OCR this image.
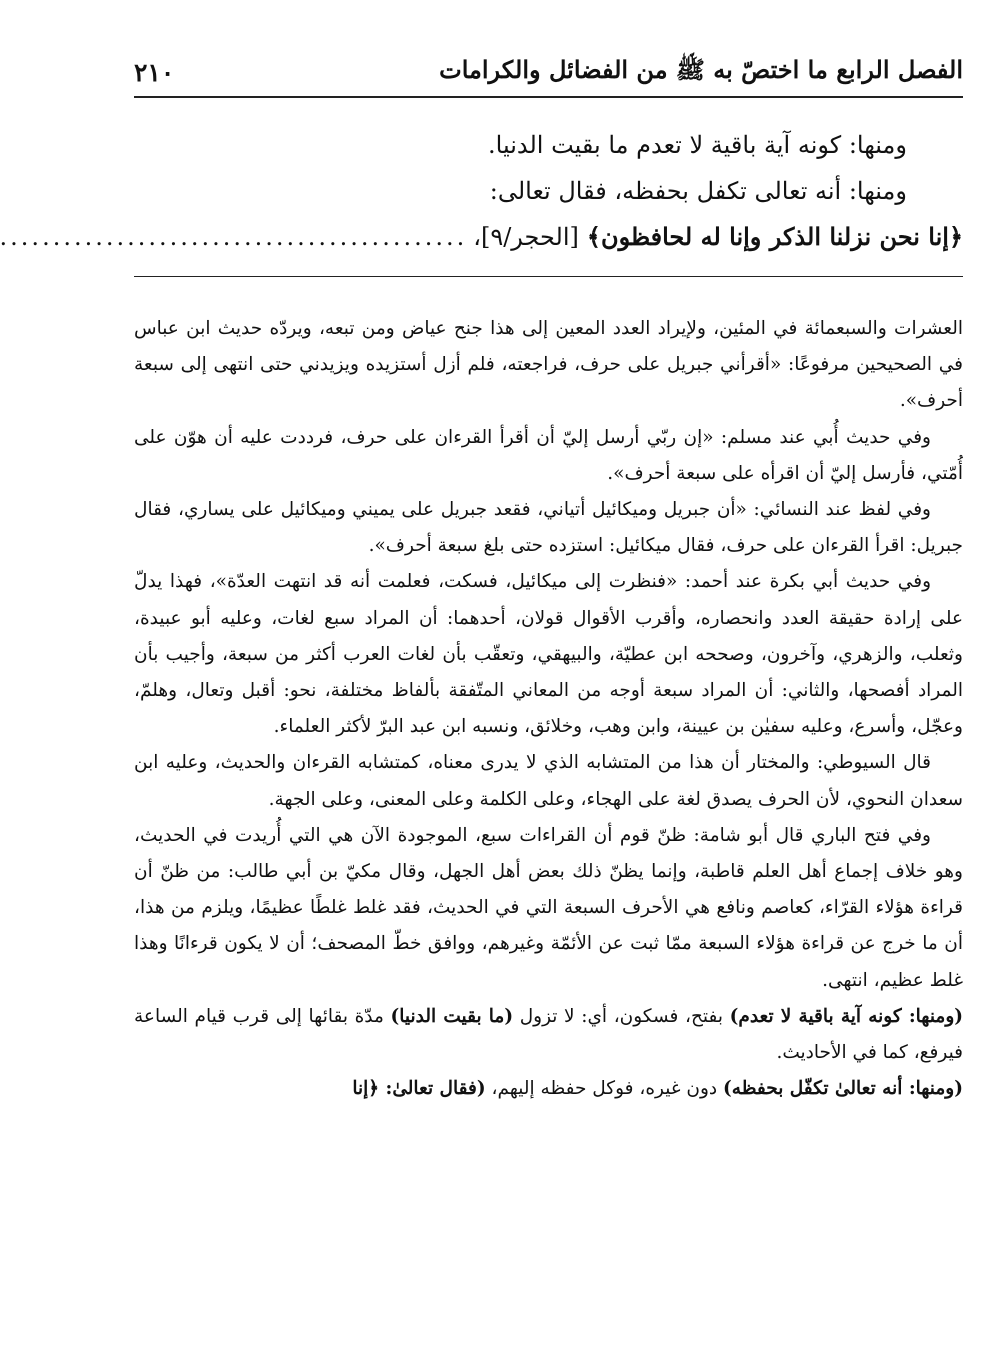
الفصل الرابع ما اختصّ به ﷺ من الفضائل والكرامات
٢١٠

ومنها: كونه آية باقية لا تعدم ما بقيت الدنيا.

ومنها: أنه تعالى تكفل بحفظه، فقال تعالى:

﴿إنا نحن نزلنا الذكر وإنا له لحافظون﴾
[الحجر/٩]،
............................................

العشرات والسبعمائة في المئين، ولإيراد العدد المعين إلى هذا جنح عياض ومن تبعه، ويردّه حديث ابن عباس في الصحيحين مرفوعًا: «أقرأني جبريل على حرف، فراجعته، فلم أزل أستزيده ويزيدني حتى انتهى إلى سبعة أحرف».

وفي حديث أُبي عند مسلم: «إن ربّي أرسل إليّ أن أقرأ القرءان على حرف، فرددت عليه أن هوّن على أُمّتي، فأرسل إليّ أن اقرأه على سبعة أحرف».

وفي لفظ عند النسائي: «أن جبريل وميكائيل أتياني، فقعد جبريل على يميني وميكائيل على يساري، فقال جبريل: اقرأ القرءان على حرف، فقال ميكائيل: استزده حتى بلغ سبعة أحرف».

وفي حديث أبي بكرة عند أحمد: «فنظرت إلى ميكائيل، فسكت، فعلمت أنه قد انتهت العدّة»، فهذا يدلّ على إرادة حقيقة العدد وانحصاره، وأقرب الأقوال قولان، أحدهما: أن المراد سبع لغات، وعليه أبو عبيدة، وثعلب، والزهري، وآخرون، وصححه ابن عطيّة، والبيهقي، وتعقّب بأن لغات العرب أكثر من سبعة، وأجيب بأن المراد أفصحها، والثاني: أن المراد سبعة أوجه من المعاني المتّفقة بألفاظ مختلفة، نحو: أقبل وتعال، وهلمّ، وعجّل، وأسرع، وعليه سفيٰن بن عيينة، وابن وهب، وخلائق، ونسبه ابن عبد البرّ لأكثر العلماء.

قال السيوطي: والمختار أن هذا من المتشابه الذي لا يدرى معناه، كمتشابه القرءان والحديث، وعليه ابن سعدان النحوي، لأن الحرف يصدق لغة على الهجاء، وعلى الكلمة وعلى المعنى، وعلى الجهة.

وفي فتح الباري قال أبو شامة: ظنّ قوم أن القراءات سبع، الموجودة الآن هي التي أُريدت في الحديث، وهو خلاف إجماع أهل العلم قاطبة، وإنما يظنّ ذلك بعض أهل الجهل، وقال مكيّ بن أبي طالب: من ظنّ أن قراءة هؤلاء القرّاء، كعاصم ونافع هي الأحرف السبعة التي في الحديث، فقد غلط غلطًا عظيمًا، ويلزم من هذا، أن ما خرج عن قراءة هؤلاء السبعة ممّا ثبت عن الأئمّة وغيرهم، ووافق خطّ المصحف؛ أن لا يكون قرءانًا وهذا غلط عظيم، انتهى.

(ومنها: كونه آية باقية لا تعدم) بفتح، فسكون، أي: لا تزول (ما بقيت الدنيا) مدّة بقائها إلى قرب قيام الساعة فيرفع، كما في الأحاديث.

(ومنها: أنه تعالىٰ تكفّل بحفظه) دون غيره، فوكل حفظه إليهم، (فقال تعالىٰ: ﴿إنا
